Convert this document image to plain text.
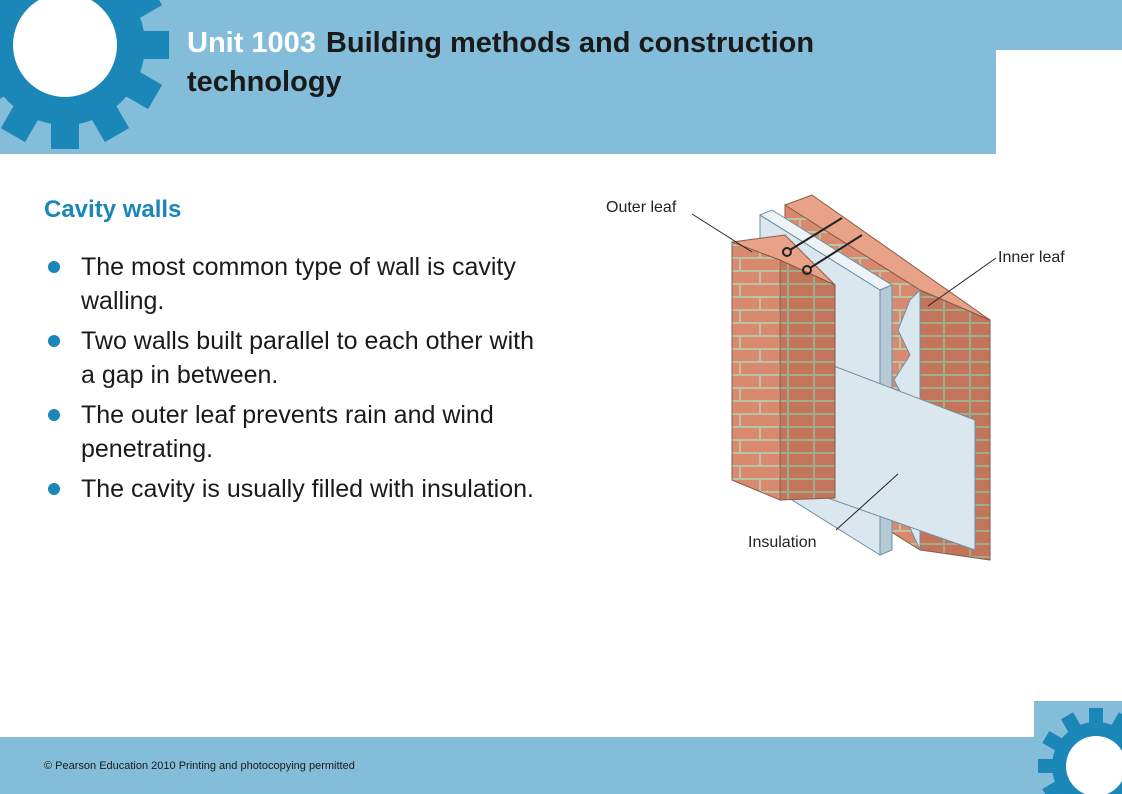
Unit 1003 Building methods and construction technology
Cavity walls
The most common type of wall is cavity walling.
Two walls built parallel to each other with a gap in between.
The outer leaf prevents rain and wind penetrating.
The cavity is usually filled with insulation.
Outer leaf
Inner leaf
Insulation
© Pearson Education 2010 Printing and photocopying permitted
